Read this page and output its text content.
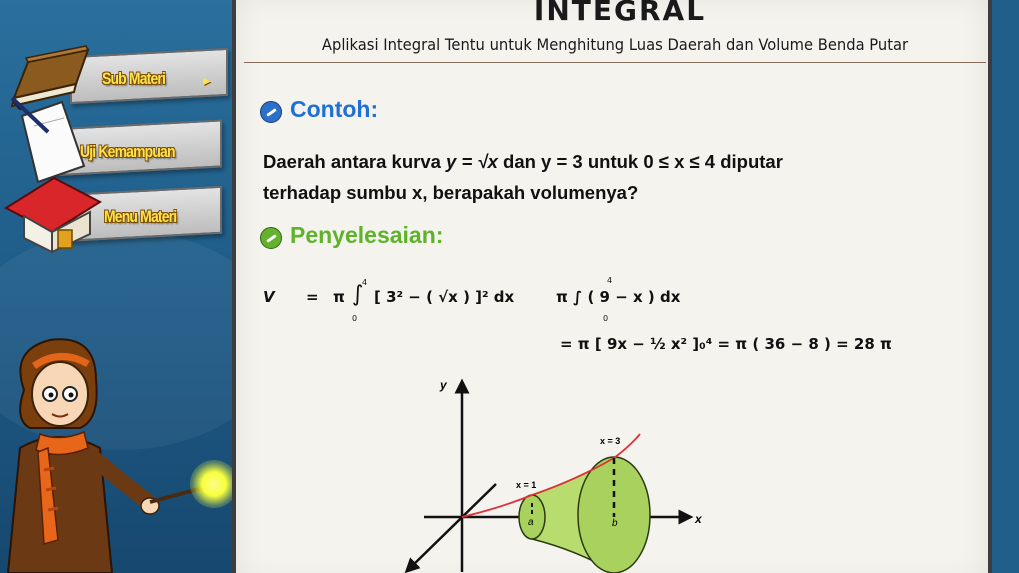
Sub Materi	►
Uji Kemampuan
Menu Materi
INTEGRAL
Aplikasi Integral Tentu untuk Menghitung Luas Daerah dan Volume Benda Putar
Contoh:
Daerah antara kurva y = √x dan y = 3 untuk 0 ≤ x ≤ 4 diputar
terhadap sumbu x, berapakah volumenya?
Penyelesaian:
V = π ∫
4
0
[ 3² − ( √x ) ]² dx	π ∫ ( 9 − x ) dx
4
0
= π [ 9x − ½ x² ]₀⁴ = π ( 36 − 8 ) = 28 π
y
x
x = 1
x = 3
a	b
